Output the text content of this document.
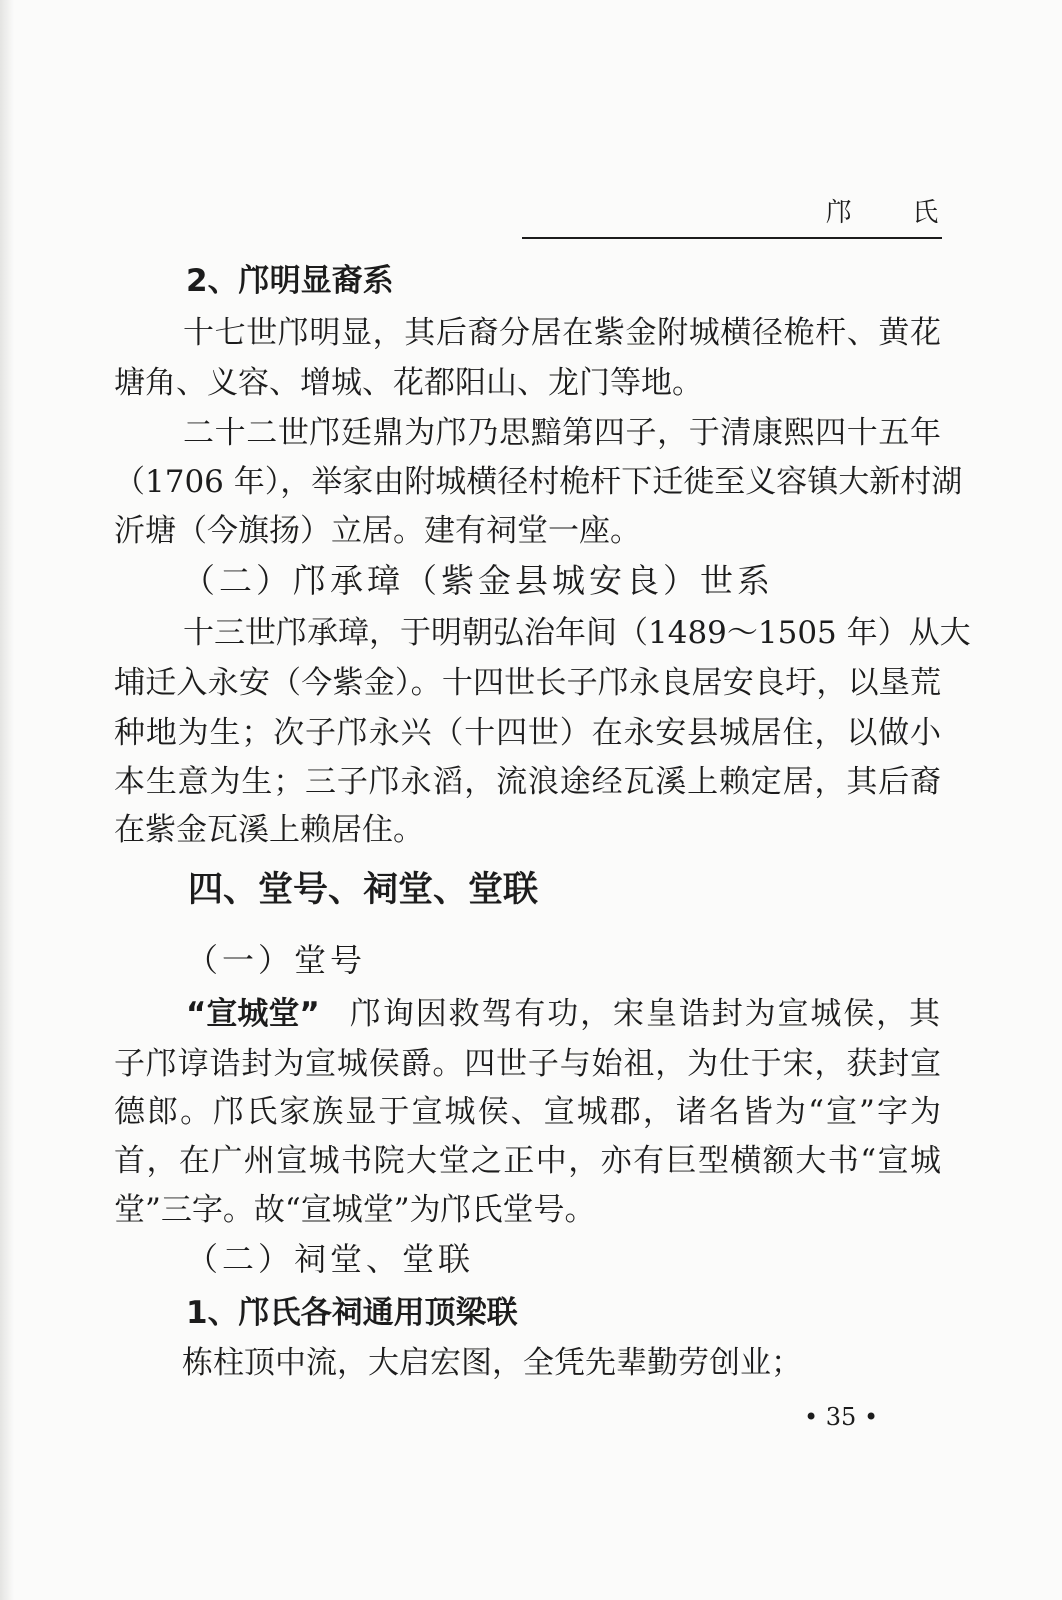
邝 氏
2、邝明显裔系
十七世邝明显，其后裔分居在紫金附城横径桅杆、黄花
塘角、义容、增城、花都阳山、龙门等地。
二十二世邝廷鼎为邝乃思黯第四子，于清康熙四十五年
（1706 年），举家由附城横径村桅杆下迁徙至义容镇大新村湖
沂塘（今旗扬）立居。建有祠堂一座。
（二）邝承璋（紫金县城安良）世系
十三世邝承璋，于明朝弘治年间（1489～1505 年）从大
埔迁入永安（今紫金）。十四世长子邝永良居安良圩，以垦荒
种地为生；次子邝永兴（十四世）在永安县城居住，以做小
本生意为生；三子邝永滔，流浪途经瓦溪上赖定居，其后裔
在紫金瓦溪上赖居住。
四、堂号、祠堂、堂联
（一）堂号
“宣城堂” 邝询因救驾有功，宋皇诰封为宣城侯，其
子邝谆诰封为宣城侯爵。四世子与始祖，为仕于宋，获封宣
德郎。邝氏家族显于宣城侯、宣城郡，诸名皆为“宣”字为
首，在广州宣城书院大堂之正中，亦有巨型横额大书“宣城
堂”三字。故“宣城堂”为邝氏堂号。
（二）祠堂、堂联
1、邝氏各祠通用顶梁联
栋柱顶中流，大启宏图，全凭先辈勤劳创业；
• 35 •
